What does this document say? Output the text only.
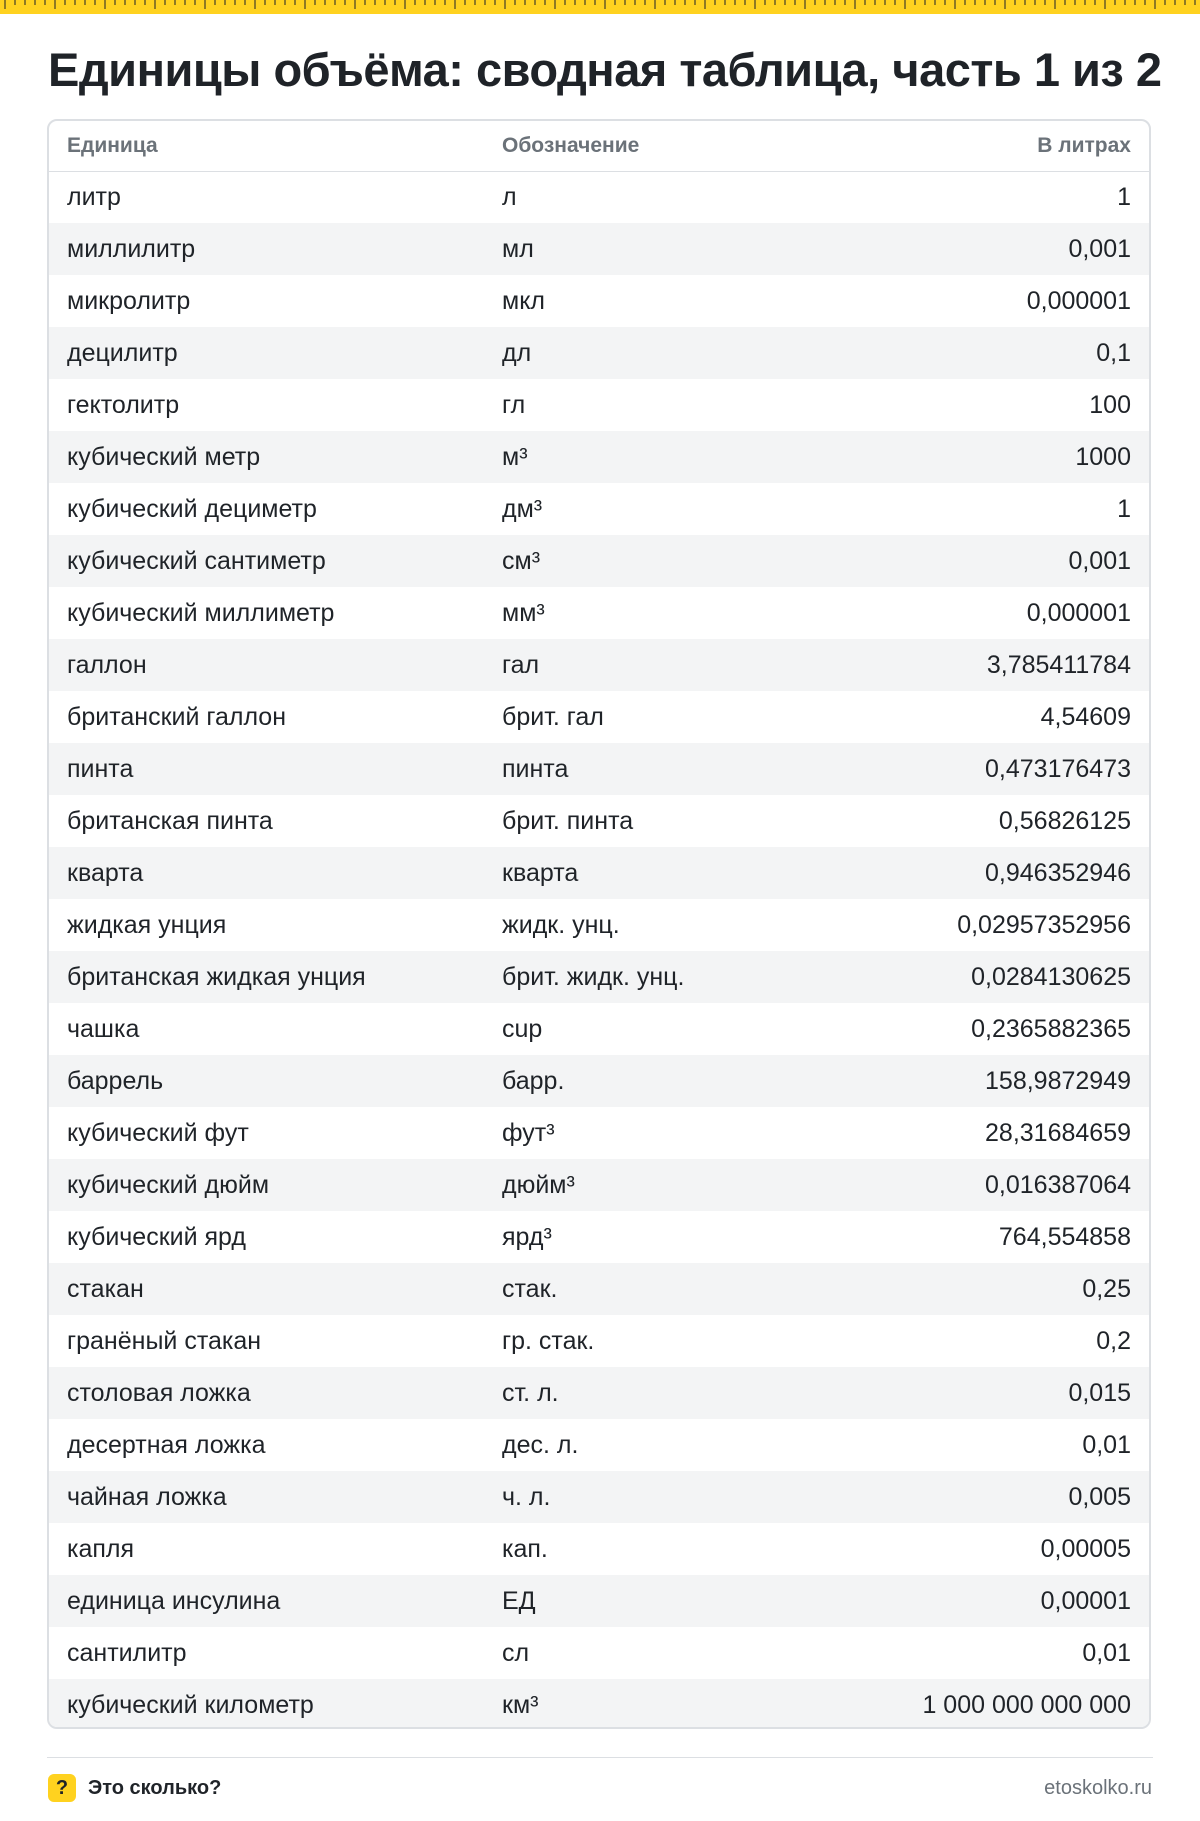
Единицы объёма: сводная таблица, часть 1 из 2
Единица	Обозначение	В литрах
литр	л	1
миллилитр	мл	0,001
микролитр	мкл	0,000001
децилитр	дл	0,1
гектолитр	гл	100
кубический метр	м³	1000
кубический дециметр	дм³	1
кубический сантиметр	см³	0,001
кубический миллиметр	мм³	0,000001
галлон	гал	3,785411784
британский галлон	брит. гал	4,54609
пинта	пинта	0,473176473
британская пинта	брит. пинта	0,56826125
кварта	кварта	0,946352946
жидкая унция	жидк. унц.	0,02957352956
британская жидкая унция	брит. жидк. унц.	0,0284130625
чашка	cup	0,2365882365
баррель	барр.	158,9872949
кубический фут	фут³	28,31684659
кубический дюйм	дюйм³	0,016387064
кубический ярд	ярд³	764,554858
стакан	стак.	0,25
гранёный стакан	гр. стак.	0,2
столовая ложка	ст. л.	0,015
десертная ложка	дес. л.	0,01
чайная ложка	ч. л.	0,005
капля	кап.	0,00005
единица инсулина	ЕД	0,00001
сантилитр	сл	0,01
кубический километр	км³	1 000 000 000 000
? Это сколько?	etoskolko.ru
